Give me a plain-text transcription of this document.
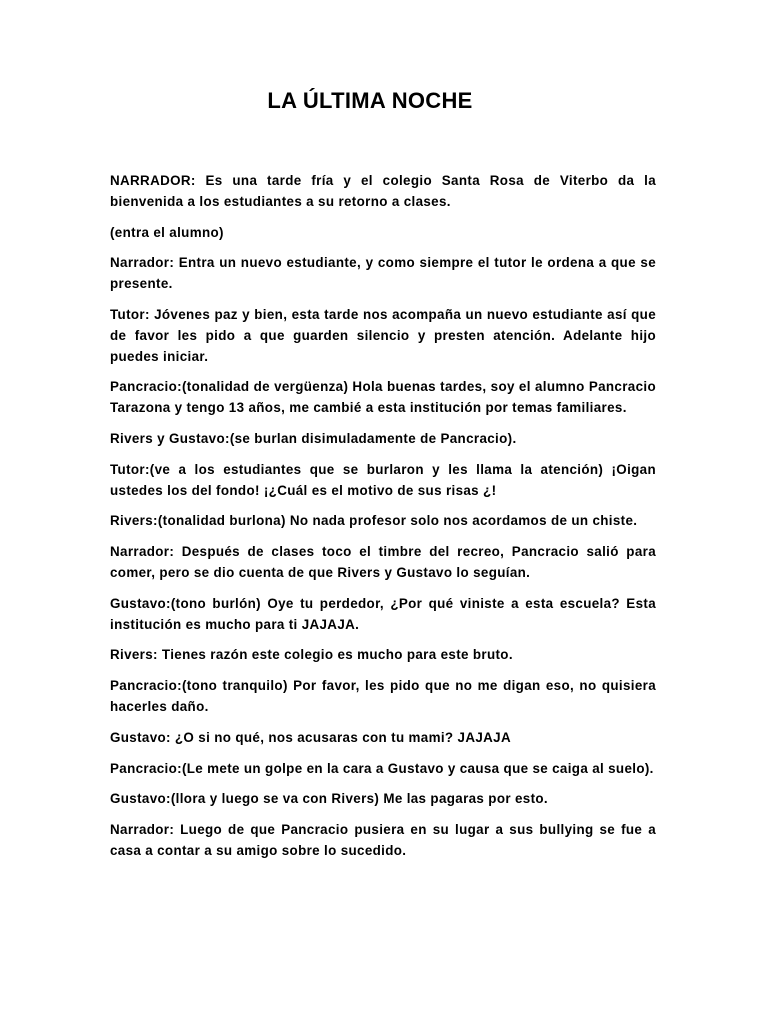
LA ÚLTIMA NOCHE

NARRADOR: Es una tarde fría y el colegio Santa Rosa de Viterbo da la bienvenida a los estudiantes a su retorno a clases.

(entra el alumno)

Narrador: Entra un nuevo estudiante, y como siempre el tutor le ordena a que se presente.

Tutor: Jóvenes paz y bien, esta tarde nos acompaña un nuevo estudiante así que de favor les pido a que guarden silencio y presten atención. Adelante hijo puedes iniciar.

Pancracio:(tonalidad de vergüenza) Hola buenas tardes, soy el alumno Pancracio Tarazona y tengo 13 años, me cambié a esta institución por temas familiares.

Rivers y Gustavo:(se burlan disimuladamente de Pancracio).

Tutor:(ve a los estudiantes que se burlaron y les llama la atención) ¡Oigan ustedes los del fondo! ¡¿Cuál es el motivo de sus risas ¿!

Rivers:(tonalidad burlona) No nada profesor solo nos acordamos de un chiste.

Narrador: Después de clases toco el timbre del recreo, Pancracio salió para comer, pero se dio cuenta de que Rivers y Gustavo lo seguían.

Gustavo:(tono burlón) Oye tu perdedor, ¿Por qué viniste a esta escuela? Esta institución es mucho para ti JAJAJA.

Rivers: Tienes razón este colegio es mucho para este bruto.

Pancracio:(tono tranquilo) Por favor, les pido que no me digan eso, no quisiera hacerles daño.

Gustavo: ¿O si no qué, nos acusaras con tu mami? JAJAJA

Pancracio:(Le mete un golpe en la cara a Gustavo y causa que se caiga al suelo).

Gustavo:(llora y luego se va con Rivers) Me las pagaras por esto.

Narrador: Luego de que Pancracio pusiera en su lugar a sus bullying se fue a casa a contar a su amigo sobre lo sucedido.
